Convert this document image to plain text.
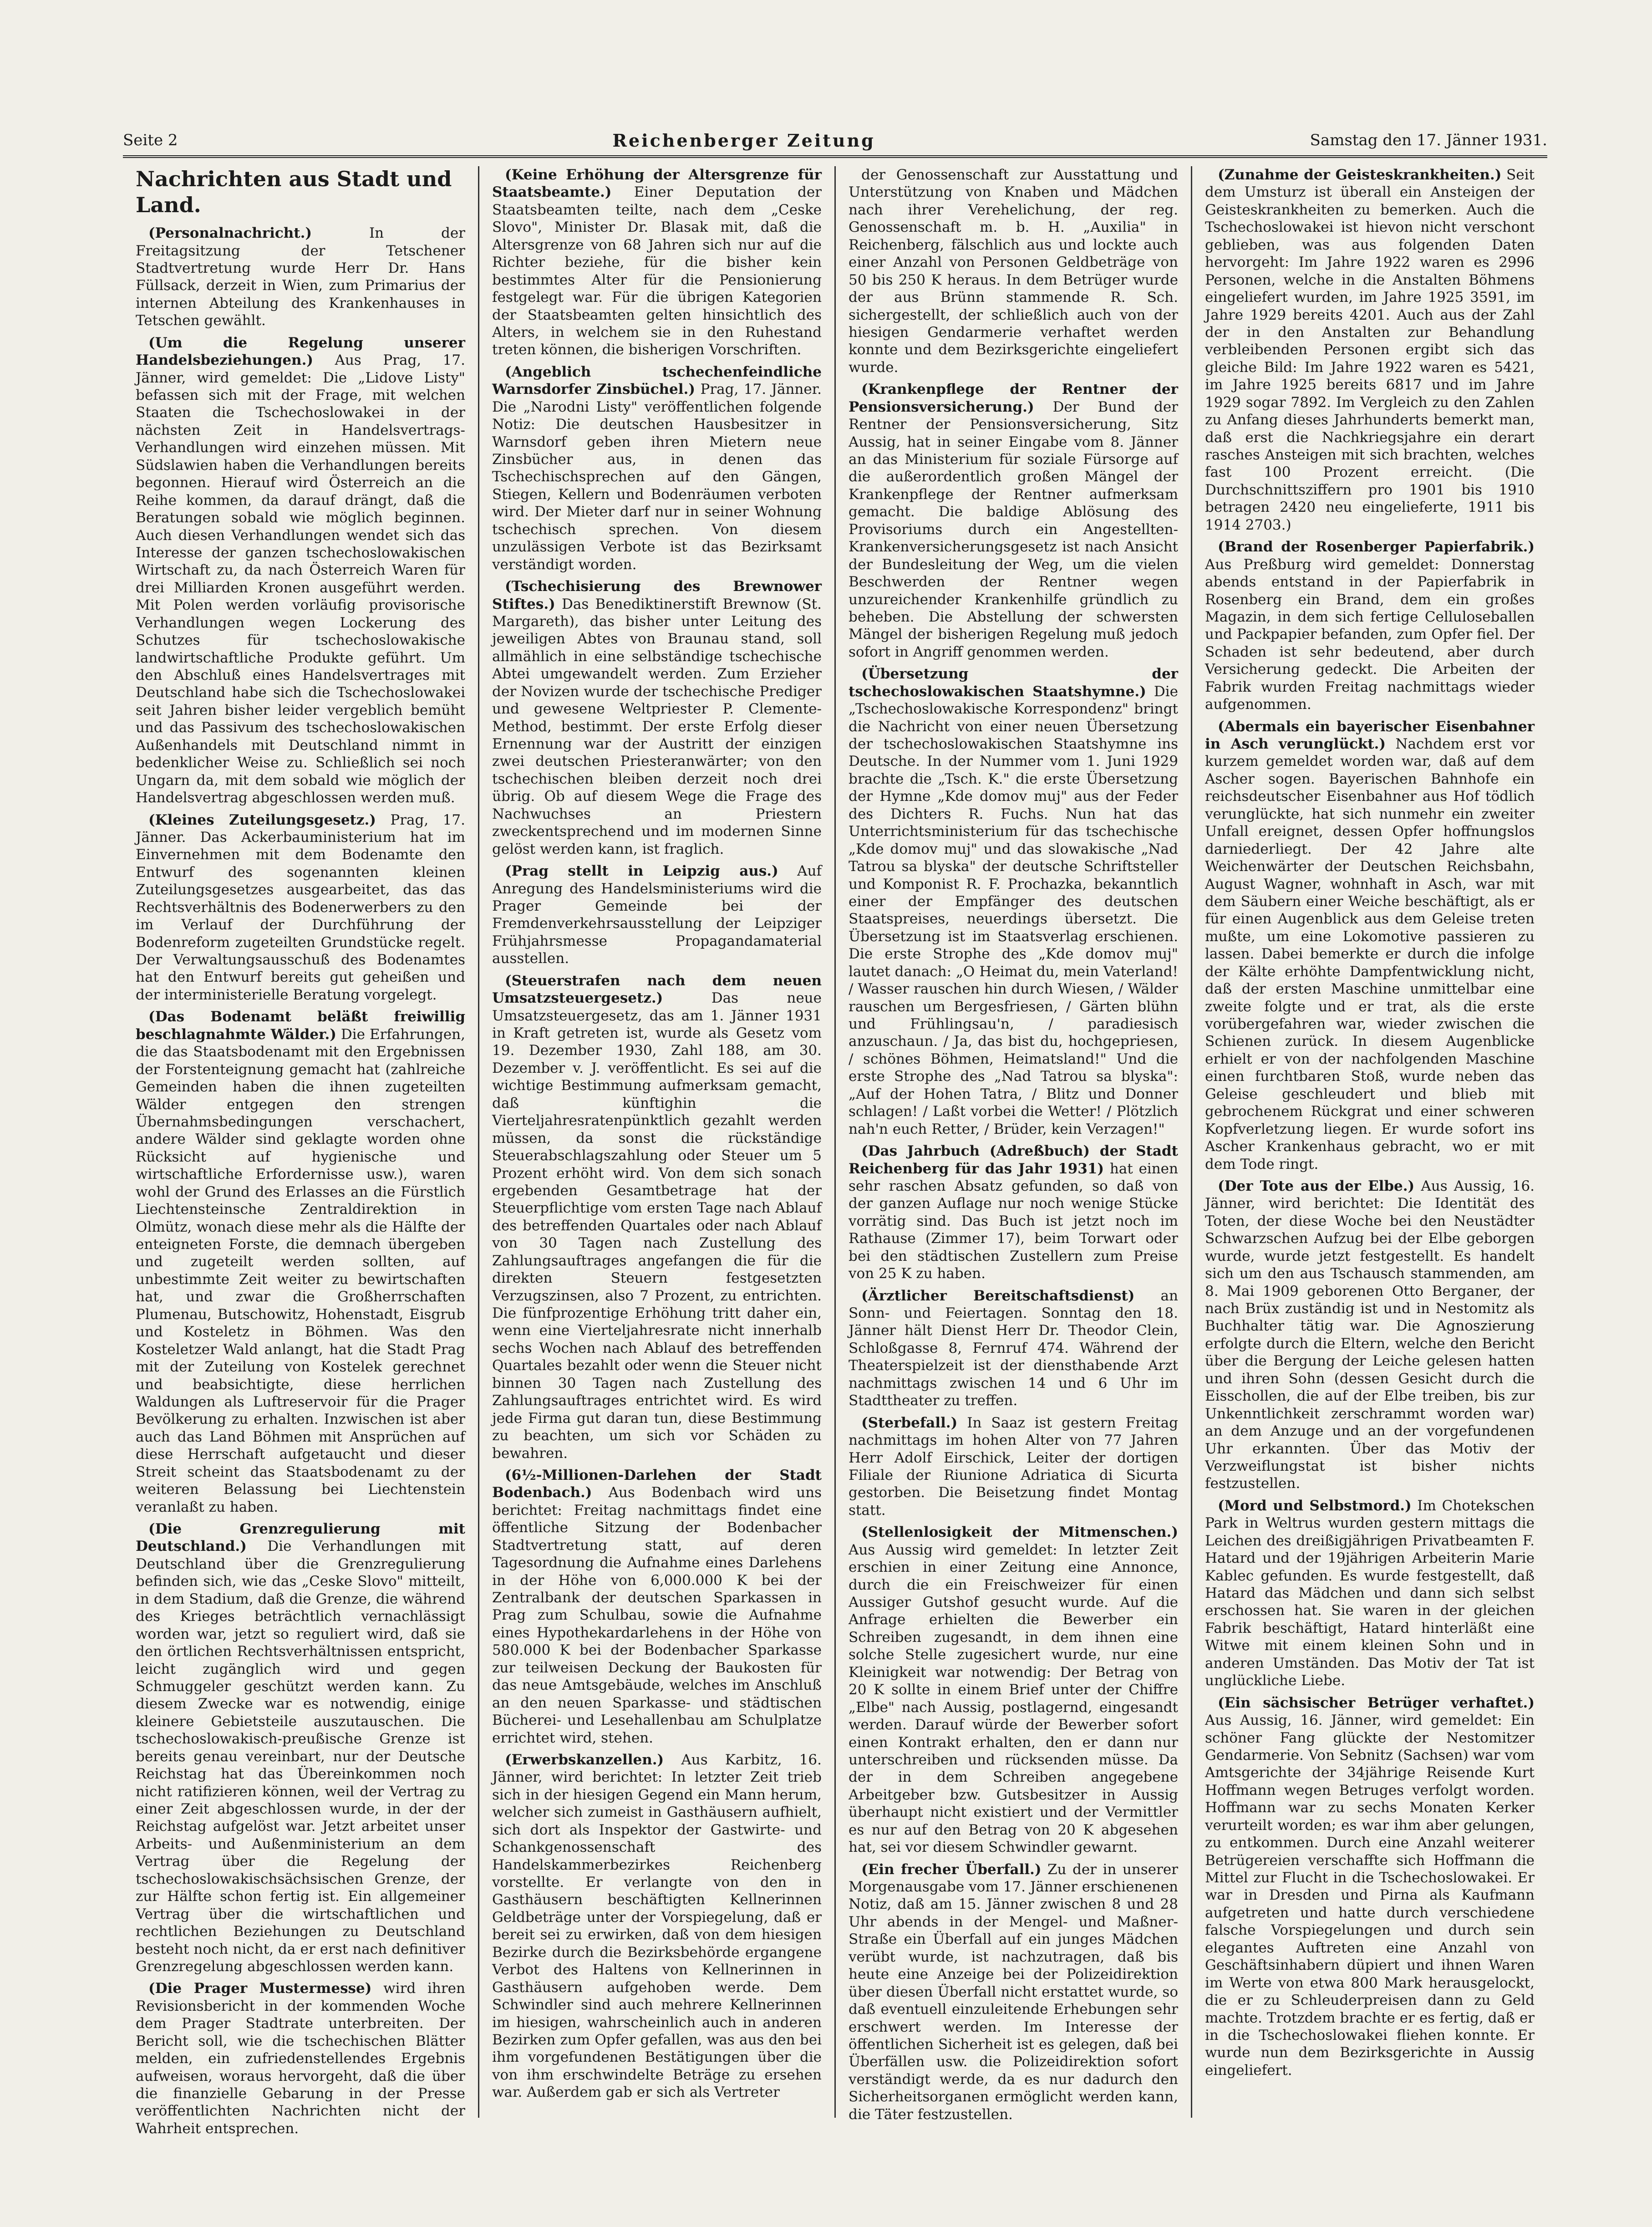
Seite 2	Reichenberger Zeitung	Samstag den 17. Jänner 1931.
Nachrichten aus Stadt und Land.

(Personalnachricht.)	In der Freitagsitzung der Tetschener Stadtvertretung wurde Herr Dr. Hans Füllsack, derzeit in Wien, zum Primarius der internen Abteilung des Krankenhauses in Tetschen gewählt.

(Um die Regelung unserer Handelsbeziehungen.) Aus Prag, 17. Jänner, wird gemeldet: Die „Lidove Listy" befassen sich mit der Frage, mit welchen Staaten die Tschechoslowakei in der nächsten Zeit in Handelsvertrags-Verhandlungen wird einzehen müssen. Mit Südslawien haben die Verhandlungen bereits begonnen. Hierauf wird Österreich an die Reihe kommen, da darauf drängt, daß die Beratungen sobald wie möglich beginnen. Auch diesen Verhandlungen wendet sich das Interesse der ganzen tschechoslowakischen Wirtschaft zu, da nach Österreich Waren für drei Milliarden Kronen ausgeführt werden. Mit Polen werden vorläufig provisorische Verhandlungen wegen Lockerung des Schutzes für tschechoslowakische landwirtschaftliche Produkte geführt. Um den Abschluß eines Handelsvertrages mit Deutschland habe sich die Tschechoslowakei seit Jahren bisher leider vergeblich bemüht und das Passivum des tschechoslowakischen Außenhandels mit Deutschland nimmt in bedenklicher Weise zu. Schließlich sei noch Ungarn da, mit dem sobald wie möglich der Handelsvertrag abgeschlossen werden muß.

(Kleines Zuteilungsgesetz.) Prag, 17. Jänner. Das Ackerbauministerium hat im Einvernehmen mit dem Bodenamte den Entwurf des sogenannten kleinen Zuteilungsgesetzes ausgearbeitet, das das Rechtsverhältnis des Bodenerwerbers zu den im Verlauf der Durchführung der Bodenreform zugeteilten Grundstücke regelt. Der Verwaltungsausschuß des Bodenamtes hat den Entwurf bereits gut geheißen und der interministerielle Beratung vorgelegt.

(Das Bodenamt beläßt freiwillig beschlagnahmte Wälder.) Die Erfahrungen, die das Staatsbodenamt mit den Ergebnissen der Forstenteignung gemacht hat (zahlreiche Gemeinden haben die ihnen zugeteilten Wälder entgegen den strengen Übernahmsbedingungen verschachert, andere Wälder sind geklagte worden ohne Rücksicht auf hygienische und wirtschaftliche Erfordernisse usw.), waren wohl der Grund des Erlasses an die Fürstlich Liechtensteinsche Zentraldirektion in Olmütz, wonach diese mehr als die Hälfte der enteigneten Forste, die demnach übergeben und zugeteilt werden sollten, auf unbestimmte Zeit weiter zu bewirtschaften hat, und zwar die Großherrschaften Plumenau, Butschowitz, Hohenstadt, Eisgrub und Kosteletz in Böhmen. Was den Kosteletzer Wald anlangt, hat die Stadt Prag mit der Zuteilung von Kostelek gerechnet und beabsichtigte, diese herrlichen Waldungen als Luftreservoir für die Prager Bevölkerung zu erhalten. Inzwischen ist aber auch das Land Böhmen mit Ansprüchen auf diese Herrschaft aufgetaucht und dieser Streit scheint das Staatsbodenamt zu der weiteren Belassung bei Liechtenstein veranlaßt zu haben.

(Die Grenzregulierung mit Deutschland.) Die Verhandlungen mit Deutschland über die Grenzregulierung befinden sich, wie das „Ceske Slovo" mitteilt, in dem Stadium, daß die Grenze, die während des Krieges beträchtlich vernachlässigt worden war, jetzt so reguliert wird, daß sie den örtlichen Rechtsverhältnissen entspricht, leicht zugänglich wird und gegen Schmuggeler geschützt werden kann. Zu diesem Zwecke war es notwendig, einige kleinere Gebietsteile auszutauschen. Die tschechoslowakisch-preußische Grenze ist bereits genau vereinbart, nur der Deutsche Reichstag hat das Übereinkommen noch nicht ratifizieren können, weil der Vertrag zu einer Zeit abgeschlossen wurde, in der der Reichstag aufgelöst war. Jetzt arbeitet unser Arbeits- und Außenministerium an dem Vertrag über die Regelung der tschechoslowakischsächsischen Grenze, der zur Hälfte schon fertig ist. Ein allgemeiner Vertrag über die wirtschaftlichen und rechtlichen Beziehungen zu Deutschland besteht noch nicht, da er erst nach definitiver Grenzregelung abgeschlossen werden kann.

(Die Prager Mustermesse) wird ihren Revisionsbericht in der kommenden Woche dem Prager Stadtrate unterbreiten. Der Bericht soll, wie die tschechischen Blätter melden, ein zufriedenstellendes Ergebnis aufweisen, woraus hervorgeht, daß die über die finanzielle Gebarung in der Presse veröffentlichten Nachrichten nicht der Wahrheit entsprechen.

(Keine Erhöhung der Altersgrenze für Staatsbeamte.) Einer Deputation der Staatsbeamten teilte, nach dem „Ceske Slovo", Minister Dr. Blasak mit, daß die Altersgrenze von 68 Jahren sich nur auf die Richter beziehe, für die bisher kein bestimmtes Alter für die Pensionierung festgelegt war. Für die übrigen Kategorien der Staatsbeamten gelten hinsichtlich des Alters, in welchem sie in den Ruhestand treten können, die bisherigen Vorschriften.

(Angeblich tschechenfeindliche Warnsdorfer Zinsbüchel.) Prag, 17. Jänner. Die „Narodni Listy" veröffentlichen folgende Notiz: Die deutschen Hausbesitzer in Warnsdorf geben ihren Mietern neue Zinsbücher aus, in denen das Tschechischsprechen auf den Gängen, Stiegen, Kellern und Bodenräumen verboten wird. Der Mieter darf nur in seiner Wohnung tschechisch sprechen. Von diesem unzulässigen Verbote ist das Bezirksamt verständigt worden.

(Tschechisierung des Brewnower Stiftes.) Das Benediktinerstift Brewnow (St. Margareth), das bisher unter Leitung des jeweiligen Abtes von Braunau stand, soll allmählich in eine selbständige tschechische Abtei umgewandelt werden. Zum Erzieher der Novizen wurde der tschechische Prediger und gewesene Weltpriester P. Clemente-Method, bestimmt. Der erste Erfolg dieser Ernennung war der Austritt der einzigen zwei deutschen Priesteranwärter; von den tschechischen bleiben derzeit noch drei übrig. Ob auf diesem Wege die Frage des Nachwuchses an Priestern zweckentsprechend und im modernen Sinne gelöst werden kann, ist fraglich.

(Prag stellt in Leipzig aus.) Auf Anregung des Handelsministeriums wird die Prager Gemeinde bei der Fremdenverkehrsausstellung der Leipziger Frühjahrsmesse Propagandamaterial ausstellen.

(Steuerstrafen nach dem neuen Umsatzsteuergesetz.)	Das neue Umsatzsteuergesetz, das am 1. Jänner 1931 in Kraft getreten ist, wurde als Gesetz vom 19. Dezember 1930, Zahl 188, am 30. Dezember v. J. veröffentlicht. Es sei auf die wichtige Bestimmung aufmerksam gemacht, daß künftighin die Vierteljahresratenpünktlich gezahlt werden müssen, da sonst die rückständige Steuerabschlagszahlung oder Steuer um 5 Prozent erhöht wird. Von dem sich sonach ergebenden Gesamtbetrage hat der Steuerpflichtige vom ersten Tage nach Ablauf des betreffenden Quartales oder nach Ablauf von 30 Tagen nach Zustellung des Zahlungsauftrages angefangen die für die direkten Steuern festgesetzten Verzugszinsen, also 7 Prozent, zu entrichten. Die fünfprozentige Erhöhung tritt daher ein, wenn eine Vierteljahresrate nicht innerhalb sechs Wochen nach Ablauf des betreffenden Quartales bezahlt oder wenn die Steuer nicht binnen 30 Tagen nach Zustellung des Zahlungsauftrages entrichtet wird. Es wird jede Firma gut daran tun, diese Bestimmung zu beachten, um sich vor Schäden zu bewahren.

(6½-Millionen-Darlehen der Stadt Bodenbach.) Aus Bodenbach wird uns berichtet: Freitag nachmittags findet eine öffentliche Sitzung der Bodenbacher Stadtvertretung statt, auf deren Tagesordnung die Aufnahme eines Darlehens in der Höhe von 6,000.000 K bei der Zentralbank der deutschen Sparkassen in Prag zum Schulbau, sowie die Aufnahme eines Hypothekardarlehens in der Höhe von 580.000 K bei der Bodenbacher Sparkasse zur teilweisen Deckung der Baukosten für das neue Amtsgebäude, welches im Anschluß an den neuen Sparkasse- und städtischen Bücherei- und Lesehallenbau am Schulplatze errichtet wird, stehen.

(Erwerbskanzellen.) Aus Karbitz, 16. Jänner, wird berichtet: In letzter Zeit trieb sich in der hiesigen Gegend ein Mann herum, welcher sich zumeist in Gasthäusern aufhielt, sich dort als Inspektor der Gastwirte- und Schankgenossenschaft des Handelskammerbezirkes Reichenberg vorstellte. Er verlangte von den in Gasthäusern beschäftigten Kellnerinnen Geldbeträge unter der Vorspiegelung, daß er bereit sei zu erwirken, daß von dem hiesigen Bezirke durch die Bezirksbehörde ergangene Verbot des Haltens von Kellnerinnen in Gasthäusern aufgehoben werde. Dem Schwindler sind auch mehrere Kellnerinnen im hiesigen, wahrscheinlich auch in anderen Bezirken zum Opfer gefallen, was aus den bei ihm vorgefundenen Bestätigungen über die von ihm erschwindelte Beträge zu ersehen war. Außerdem gab er sich als Vertreter

der Genossenschaft zur Ausstattung und Unterstützung von Knaben und Mädchen nach ihrer Verehelichung, der reg. Genossenschaft m. b. H. „Auxilia" in Reichenberg, fälschlich aus und lockte auch einer Anzahl von Personen Geldbeträge von 50 bis 250 K heraus. In dem Betrüger wurde der aus Brünn stammende R. Sch. sichergestellt, der schließlich auch von der hiesigen Gendarmerie verhaftet werden konnte und dem Bezirksgerichte eingeliefert wurde.

(Krankenpflege der Rentner der Pensionsversicherung.) Der Bund der Rentner der Pensionsversicherung, Sitz Aussig, hat in seiner Eingabe vom 8. Jänner an das Ministerium für soziale Fürsorge auf die außerordentlich großen Mängel der Krankenpflege der Rentner aufmerksam gemacht. Die baldige Ablösung des Provisoriums durch ein Angestellten-Krankenversicherungsgesetz ist nach Ansicht der Bundesleitung der Weg, um die vielen Beschwerden der Rentner wegen unzureichender Krankenhilfe gründlich zu beheben. Die Abstellung der schwersten Mängel der bisherigen Regelung muß jedoch sofort in Angriff genommen werden.

(Übersetzung der tschechoslowakischen Staatshymne.) Die „Tschechoslowakische Korrespondenz" bringt die Nachricht von einer neuen Übersetzung der tschechoslowakischen Staatshymne ins Deutsche. In der Nummer vom 1. Juni 1929 brachte die „Tsch. K." die erste Übersetzung der Hymne „Kde domov muj" aus der Feder des Dichters R. Fuchs. Nun hat das Unterrichtsministerium für das tschechische „Kde domov muj" und das slowakische „Nad Tatrou sa blyska" der deutsche Schriftsteller und Komponist R. F. Prochazka, bekanntlich einer der Empfänger des deutschen Staatspreises, neuerdings übersetzt. Die Übersetzung ist im Staatsverlag erschienen. Die erste Strophe des „Kde domov muj" lautet danach: „O Heimat du, mein Vaterland! / Wasser rauschen hin durch Wiesen, / Wälder rauschen um Bergesfriesen, / Gärten blühn und Frühlingsau'n, / paradiesisch anzuschaun. / Ja, das bist du, hochgepriesen, / schönes Böhmen, Heimatsland!" Und die erste Strophe des „Nad Tatrou sa blyska": „Auf der Hohen Tatra, / Blitz und Donner schlagen! / Laßt vorbei die Wetter! / Plötzlich nah'n euch Retter, / Brüder, kein Verzagen!"

(Das Jahrbuch (Adreßbuch) der Stadt Reichenberg für das Jahr 1931) hat einen sehr raschen Absatz gefunden, so daß von der ganzen Auflage nur noch wenige Stücke vorrätig sind. Das Buch ist jetzt noch im Rathause (Zimmer 17), beim Torwart oder bei den städtischen Zustellern zum Preise von 25 K zu haben.

(Ärztlicher Bereitschaftsdienst) an Sonn- und Feiertagen. Sonntag den 18. Jänner hält Dienst Herr Dr. Theodor Clein, Schloßgasse 8, Fernruf 474. Während der Theaterspielzeit ist der diensthabende Arzt nachmittags zwischen 14 und 6 Uhr im Stadttheater zu treffen.

(Sterbefall.) In Saaz ist gestern Freitag nachmittags im hohen Alter von 77 Jahren Herr Adolf Eirschick, Leiter der dortigen Filiale der Riunione Adriatica di Sicurta gestorben. Die Beisetzung findet Montag statt.

(Stellenlosigkeit der Mitmenschen.) Aus Aussig wird gemeldet: In letzter Zeit erschien in einer Zeitung eine Annonce, durch die ein Freischweizer für einen Aussiger Gutshof gesucht wurde. Auf die Anfrage erhielten die Bewerber ein Schreiben zugesandt, in dem ihnen eine solche Stelle zugesichert wurde, nur eine Kleinigkeit war notwendig: Der Betrag von 20 K sollte in einem Brief unter der Chiffre „Elbe" nach Aussig, postlagernd, eingesandt werden. Darauf würde der Bewerber sofort einen Kontrakt erhalten, den er dann nur unterschreiben und rücksenden müsse. Da der in dem Schreiben angegebene Arbeitgeber bzw. Gutsbesitzer in Aussig überhaupt nicht existiert und der Vermittler es nur auf den Betrag von 20 K abgesehen hat, sei vor diesem Schwindler gewarnt.

(Ein frecher Überfall.) Zu der in unserer Morgenausgabe vom 17. Jänner erschienenen Notiz, daß am 15. Jänner zwischen 8 und 28 Uhr abends in der Mengel- und Maßner-Straße ein Überfall auf ein junges Mädchen verübt wurde, ist nachzutragen, daß bis heute eine Anzeige bei der Polizeidirektion über diesen Überfall nicht erstattet wurde, so daß eventuell einzuleitende Erhebungen sehr erschwert werden. Im Interesse der öffentlichen Sicherheit ist es gelegen, daß bei Überfällen usw. die Polizeidirektion sofort verständigt werde, da es nur dadurch den Sicherheitsorganen ermöglicht werden kann, die Täter festzustellen.

(Zunahme der Geisteskrankheiten.) Seit dem Umsturz ist überall ein Ansteigen der Geisteskrankheiten zu bemerken. Auch die Tschechoslowakei ist hievon nicht verschont geblieben, was aus folgenden Daten hervorgeht: Im Jahre 1922 waren es 2996 Personen, welche in die Anstalten Böhmens eingeliefert wurden, im Jahre 1925 3591, im Jahre 1929 bereits 4201. Auch aus der Zahl der in den Anstalten zur Behandlung verbleibenden Personen ergibt sich das gleiche Bild: Im Jahre 1922 waren es 5421, im Jahre 1925 bereits 6817 und im Jahre 1929 sogar 7892. Im Vergleich zu den Zahlen zu Anfang dieses Jahrhunderts bemerkt man, daß erst die Nachkriegsjahre ein derart rasches Ansteigen mit sich brachten, welches fast 100 Prozent erreicht. (Die Durchschnittsziffern pro 1901 bis 1910 betragen 2420 neu eingelieferte, 1911 bis 1914 2703.)

(Brand der Rosenberger Papierfabrik.) Aus Preßburg wird gemeldet: Donnerstag abends entstand in der Papierfabrik in Rosenberg ein Brand, dem ein großes Magazin, in dem sich fertige Celluloseballen und Packpapier befanden, zum Opfer fiel. Der Schaden ist sehr bedeutend, aber durch Versicherung gedeckt. Die Arbeiten der Fabrik wurden Freitag nachmittags wieder aufgenommen.

(Abermals ein bayerischer Eisenbahner in Asch verunglückt.) Nachdem erst vor kurzem gemeldet worden war, daß auf dem Ascher sogen. Bayerischen Bahnhofe ein reichsdeutscher Eisenbahner aus Hof tödlich verunglückte, hat sich nunmehr ein zweiter Unfall ereignet, dessen Opfer hoffnungslos darniederliegt. Der 42 Jahre alte Weichenwärter der Deutschen Reichsbahn, August Wagner, wohnhaft in Asch, war mit dem Säubern einer Weiche beschäftigt, als er für einen Augenblick aus dem Geleise treten mußte, um eine Lokomotive passieren zu lassen. Dabei bemerkte er durch die infolge der Kälte erhöhte Dampfentwicklung nicht, daß der ersten Maschine unmittelbar eine zweite folgte und er trat, als die erste vorübergefahren war, wieder zwischen die Schienen zurück. In diesem Augenblicke erhielt er von der nachfolgenden Maschine einen furchtbaren Stoß, wurde neben das Geleise geschleudert und blieb mit gebrochenem Rückgrat und einer schweren Kopfverletzung liegen. Er wurde sofort ins Ascher Krankenhaus gebracht, wo er mit dem Tode ringt.

(Der Tote aus der Elbe.) Aus Aussig, 16. Jänner, wird berichtet: Die Identität des Toten, der diese Woche bei den Neustädter Schwarzschen Aufzug bei der Elbe geborgen wurde, wurde jetzt festgestellt. Es handelt sich um den aus Tschausch stammenden, am 8. Mai 1909 geborenen Otto Berganer, der nach Brüx zuständig ist und in Nestomitz als Buchhalter tätig war. Die Agnoszierung erfolgte durch die Eltern, welche den Bericht über die Bergung der Leiche gelesen hatten und ihren Sohn (dessen Gesicht durch die Eisschollen, die auf der Elbe treiben, bis zur Unkenntlichkeit zerschrammt worden war) an dem Anzuge und an der vorgefundenen Uhr erkannten. Über das Motiv der Verzweiflungstat ist bisher nichts festzustellen.

(Mord und Selbstmord.) Im Chotekschen Park in Weltrus wurden gestern mittags die Leichen des dreißigjährigen Privatbeamten F. Hatard und der 19jährigen Arbeiterin Marie Kablec gefunden. Es wurde festgestellt, daß Hatard das Mädchen und dann sich selbst erschossen hat. Sie waren in der gleichen Fabrik beschäftigt, Hatard hinterläßt eine Witwe mit einem kleinen Sohn und in anderen Umständen. Das Motiv der Tat ist unglückliche Liebe.

(Ein sächsischer Betrüger verhaftet.) Aus Aussig, 16. Jänner, wird gemeldet: Ein schöner Fang glückte der Nestomitzer Gendarmerie. Von Sebnitz (Sachsen) war vom Amtsgerichte der 34jährige Reisende Kurt Hoffmann wegen Betruges verfolgt worden. Hoffmann war zu sechs Monaten Kerker verurteilt worden; es war ihm aber gelungen, zu entkommen. Durch eine Anzahl weiterer Betrügereien verschaffte sich Hoffmann die Mittel zur Flucht in die Tschechoslowakei. Er war in Dresden und Pirna als Kaufmann aufgetreten und hatte durch verschiedene falsche Vorspiegelungen und durch sein elegantes Auftreten eine Anzahl von Geschäftsinhabern düpiert und ihnen Waren im Werte von etwa 800 Mark herausgelockt, die er zu Schleuderpreisen dann zu Geld machte. Trotzdem brachte er es fertig, daß er in die Tschechoslowakei fliehen konnte. Er wurde nun dem Bezirksgerichte in Aussig eingeliefert.
